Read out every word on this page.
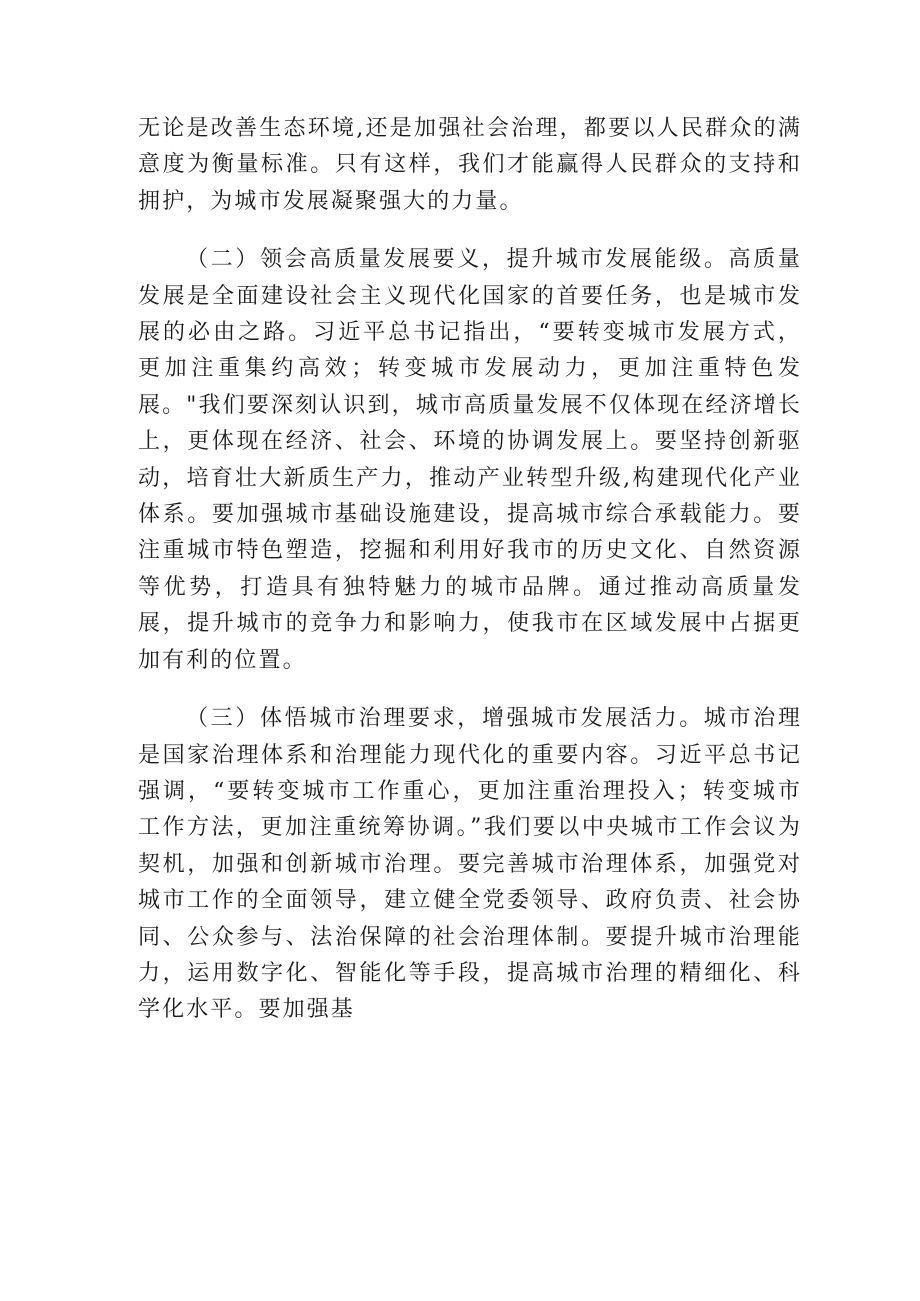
无论是改善生态环境,还是加强社会治理，都要以人民群众的满意度为衡量标准。只有这样，我们才能赢得人民群众的支持和拥护，为城市发展凝聚强大的力量。

（二）领会高质量发展要义，提升城市发展能级。高质量发展是全面建设社会主义现代化国家的首要任务，也是城市发展的必由之路。习近平总书记指出，“要转变城市发展方式，更加注重集约高效；转变城市发展动力，更加注重特色发展。"我们要深刻认识到，城市高质量发展不仅体现在经济增长上，更体现在经济、社会、环境的协调发展上。要坚持创新驱动，培育壮大新质生产力，推动产业转型升级,构建现代化产业体系。要加强城市基础设施建设，提高城市综合承载能力。要注重城市特色塑造，挖掘和利用好我市的历史文化、自然资源等优势，打造具有独特魅力的城市品牌。通过推动高质量发展，提升城市的竞争力和影响力，使我市在区域发展中占据更加有利的位置。

（三）体悟城市治理要求，增强城市发展活力。城市治理是国家治理体系和治理能力现代化的重要内容。习近平总书记强调，“要转变城市工作重心，更加注重治理投入；转变城市工作方法，更加注重统筹协调。”我们要以中央城市工作会议为契机，加强和创新城市治理。要完善城市治理体系，加强党对城市工作的全面领导，建立健全党委领导、政府负责、社会协同、公众参与、法治保障的社会治理体制。要提升城市治理能力，运用数字化、智能化等手段，提高城市治理的精细化、科学化水平。要加强基
